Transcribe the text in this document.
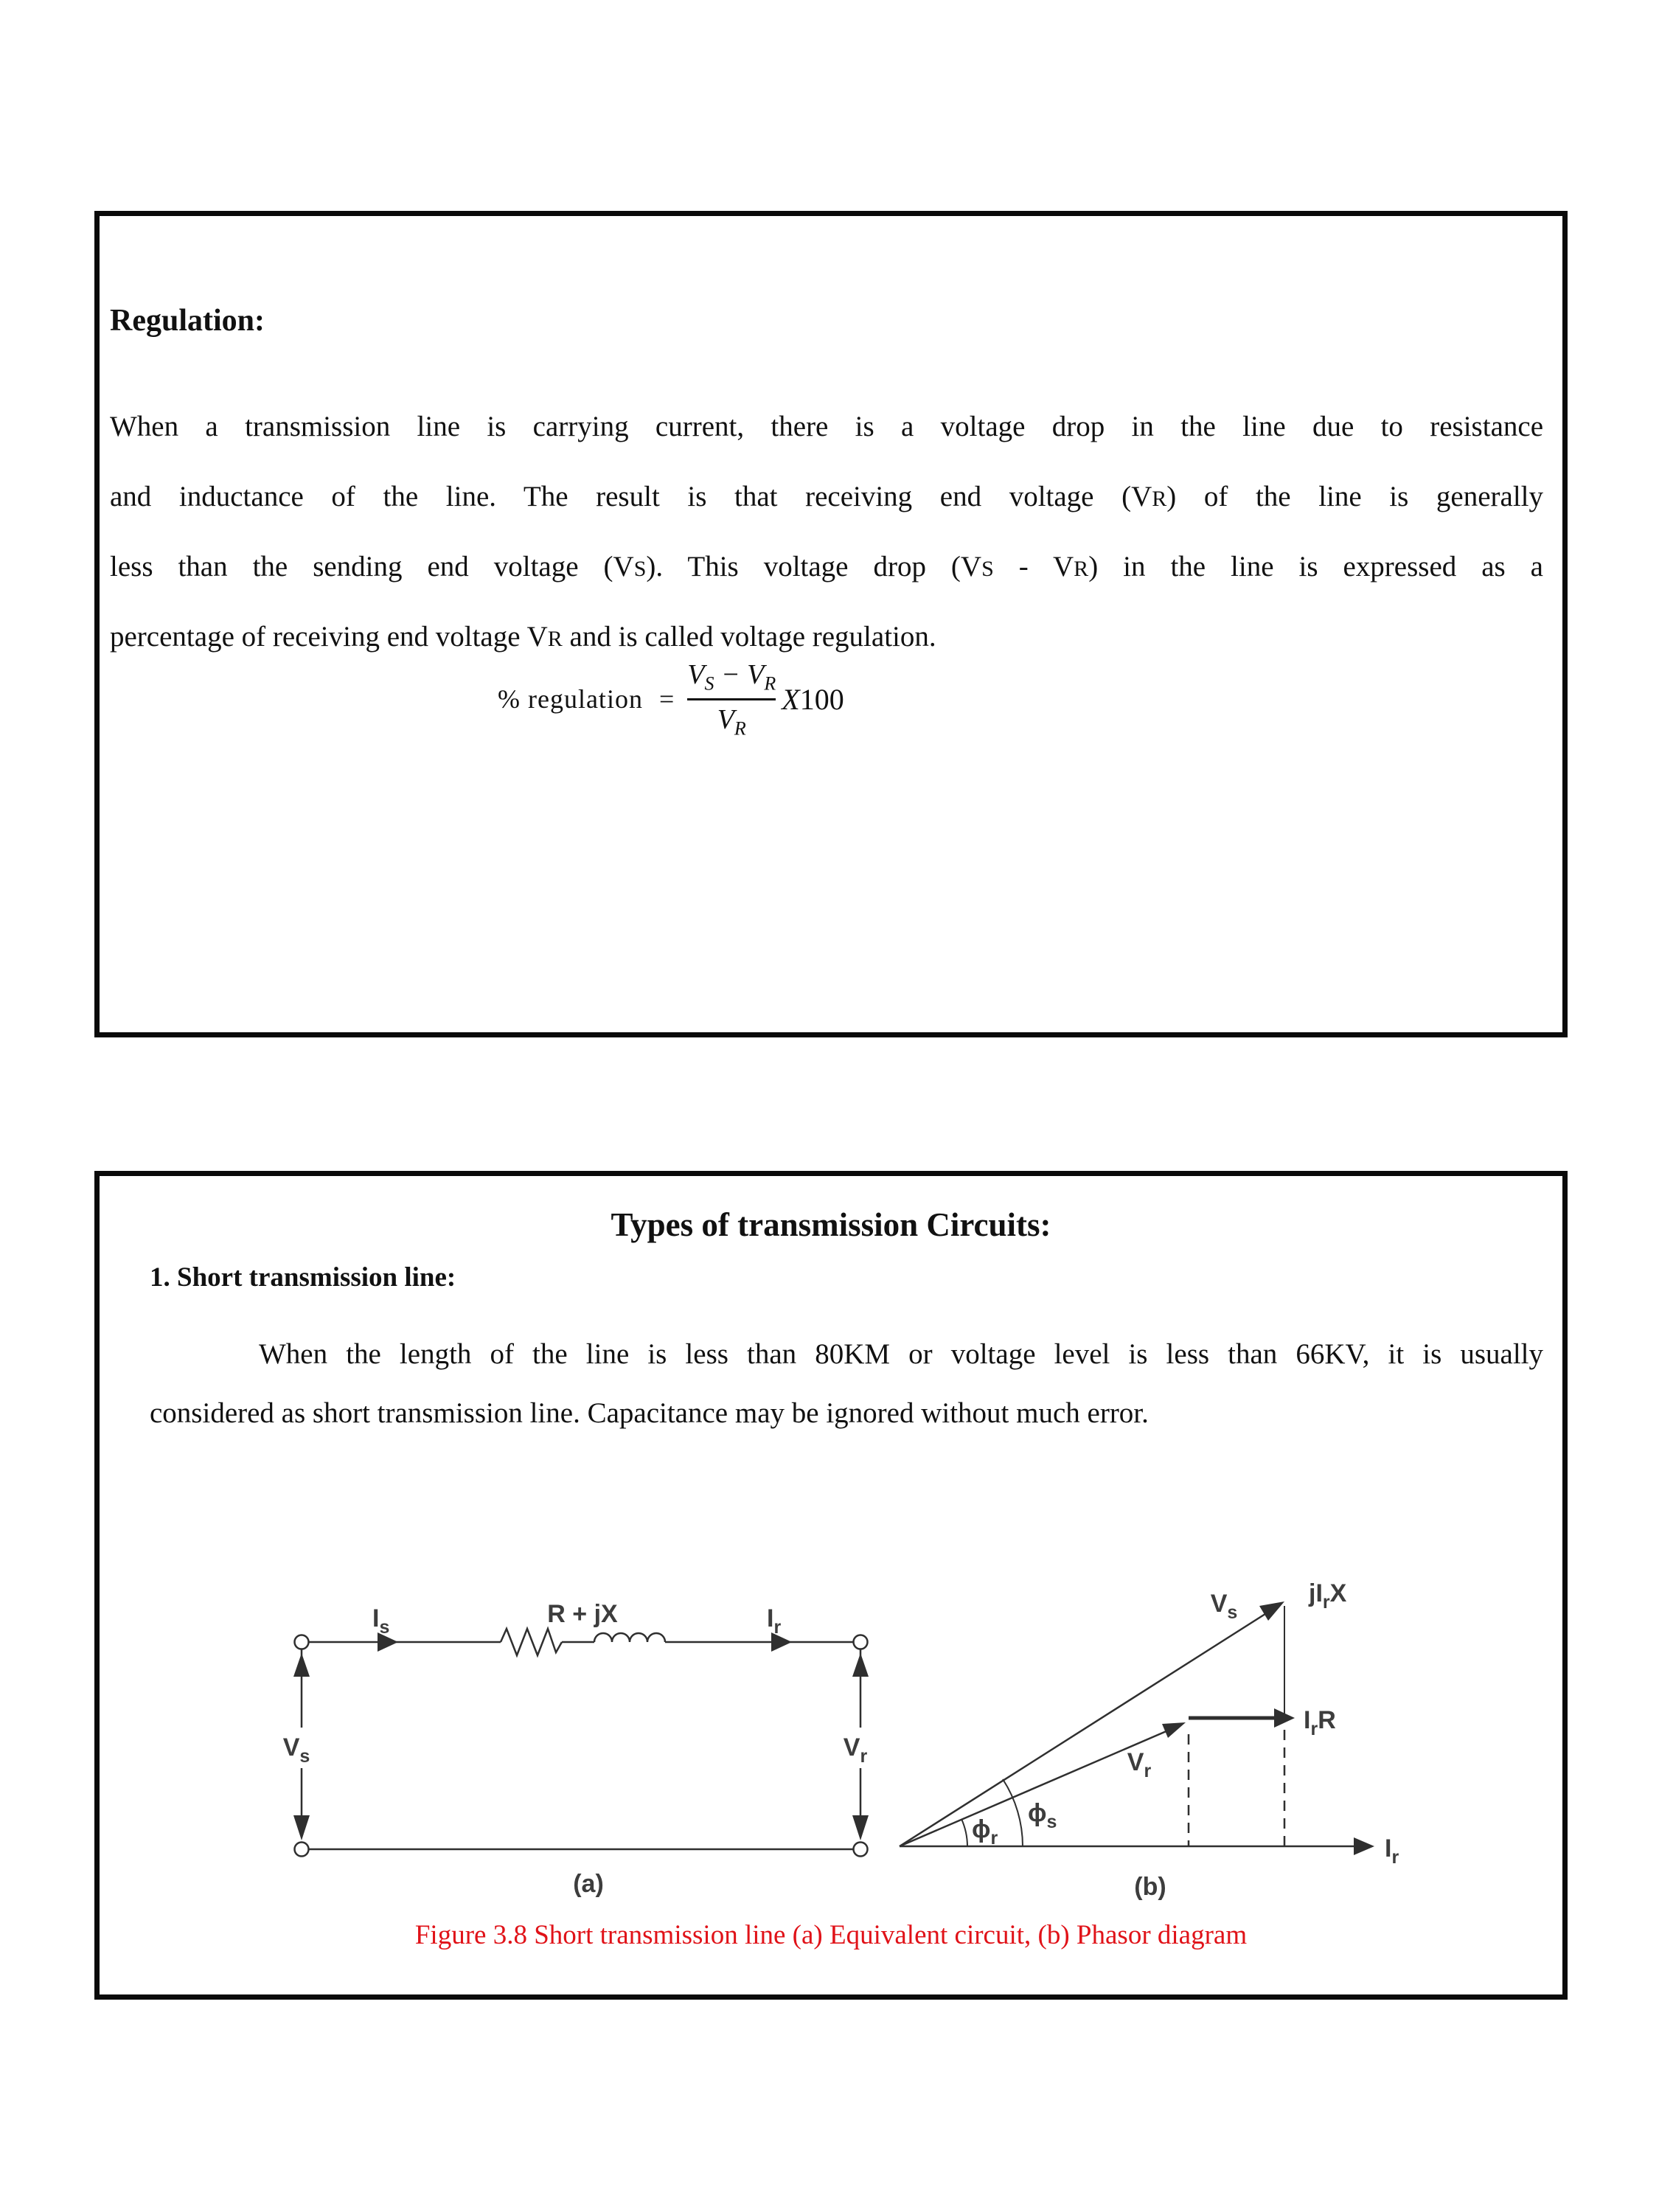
Regulation:
When a transmission line is carrying current, there is a voltage drop in the line due to resistance
and inductance of the line. The result is that receiving end voltage (VR) of the line is generally
less than the sending end voltage (VS). This voltage drop (VS - VR) in the line is expressed as a
percentage of receiving end voltage VR and is called voltage regulation.
% regulation = $\frac{V_S - V_R}{V_R} X100$
Types of transmission Circuits:
1. Short transmission line:
When the length of the line is less than 80KM or voltage level is less than 66KV, it is usually
considered as short transmission line. Capacitance may be ignored without much error.
$I_s$	R + jX	$I_r$
$V_s$	$V_r$
(a)
$V_s$
$jI_rX$
$I_rR$
$V_r$
$I_r$
$\phi_r$
$\phi_s$
(b)
Figure 3.8 Short transmission line (a) Equivalent circuit, (b) Phasor diagram
